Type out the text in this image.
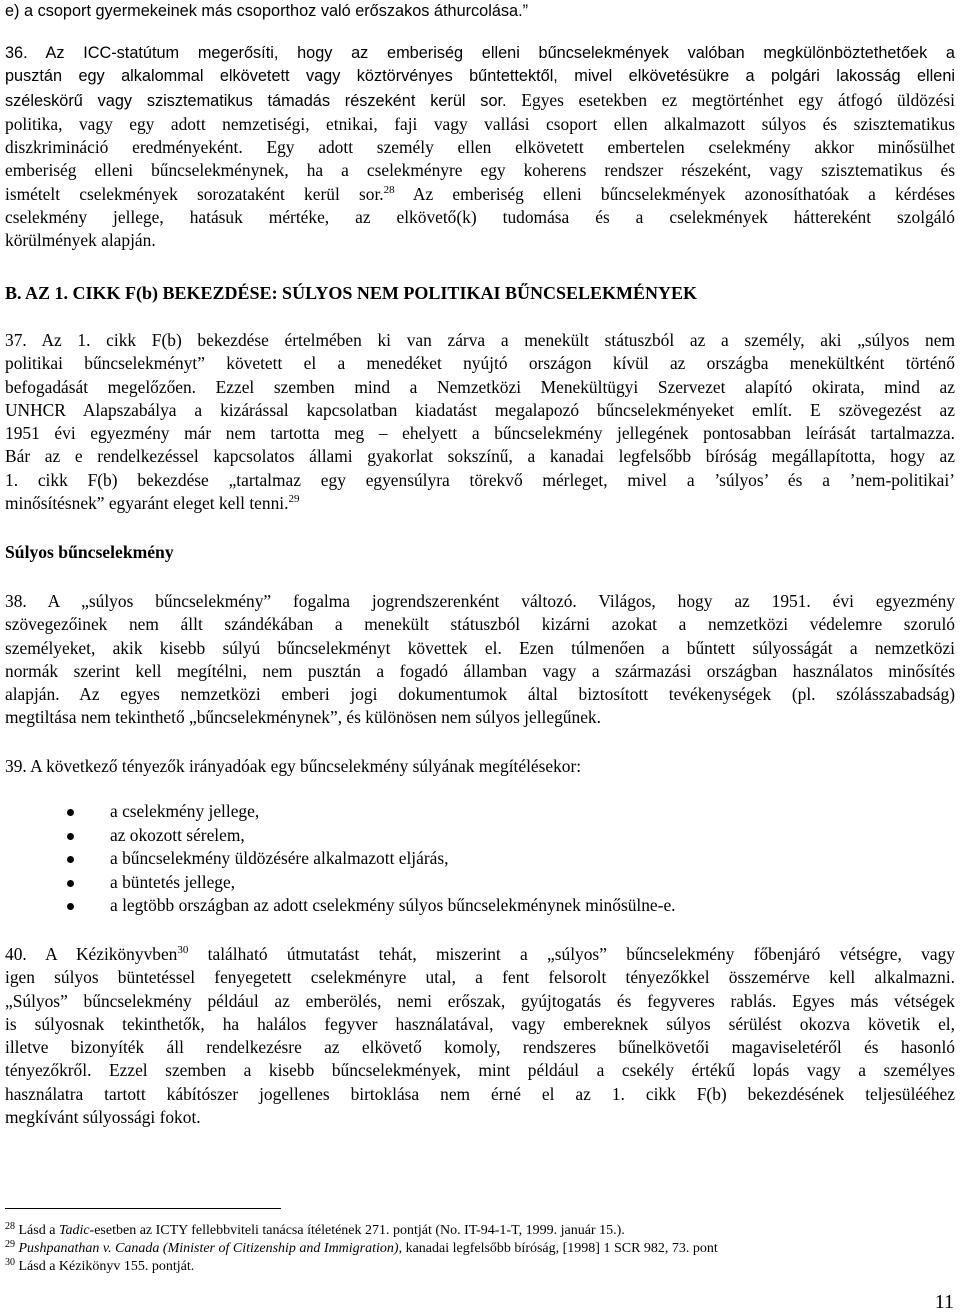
e) a csoport gyermekeinek más csoporthoz való erőszakos áthurcolása.”

36. Az ICC-statútum megerősíti, hogy az emberiség elleni bűncselekmények valóban megkülönböztethetőek a
pusztán egy alkalommal elkövetett vagy köztörvényes bűntettektől, mivel elkövetésükre a polgári lakosság elleni
széleskörű vagy szisztematikus támadás részeként kerül sor. Egyes esetekben ez megtörténhet egy átfogó üldözési
politika, vagy egy adott nemzetiségi, etnikai, faji vagy vallási csoport ellen alkalmazott súlyos és szisztematikus
diszkrimináció eredményeként. Egy adott személy ellen elkövetett embertelen cselekmény akkor minősülhet
emberiség elleni bűncselekménynek, ha a cselekményre egy koherens rendszer részeként, vagy szisztematikus és
ismételt cselekmények sorozataként kerül sor.$^{28}$ Az emberiség elleni bűncselekmények azonosíthatóak a kérdéses
cselekmény jellege, hatásuk mértéke, az elkövető(k) tudomása és a cselekmények háttereként szolgáló
körülmények alapján.
B. AZ 1. CIKK F(b) BEKEZDÉSE: SÚLYOS NEM POLITIKAI BŰNCSELEKMÉNYEK
37. Az 1. cikk F(b) bekezdése értelmében ki van zárva a menekült státuszból az a személy, aki „súlyos nem
politikai bűncselekményt” követett el a menedéket nyújtó országon kívül az országba menekültként történő
befogadását megelőzően. Ezzel szemben mind a Nemzetközi Menekültügyi Szervezet alapító okirata, mind az
UNHCR Alapszabálya a kizárással kapcsolatban kiadatást megalapozó bűncselekményeket említ. E szövegezést az
1951 évi egyezmény már nem tartotta meg – ehelyett a bűncselekmény jellegének pontosabban leírását tartalmazza.
Bár az e rendelkezéssel kapcsolatos állami gyakorlat sokszínű, a kanadai legfelsőbb bíróság megállapította, hogy az
1. cikk F(b) bekezdése „tartalmaz egy egyensúlyra törekvő mérleget, mivel a ’súlyos’ és a ’nem-politikai’
minősítésnek” egyaránt eleget kell tenni.$^{29}$
Súlyos bűncselekmény
38. A „súlyos bűncselekmény” fogalma jogrendszerenként változó. Világos, hogy az 1951. évi egyezmény
szövegezőinek nem állt szándékában a menekült státuszból kizárni azokat a nemzetközi védelemre szoruló
személyeket, akik kisebb súlyú bűncselekményt követtek el. Ezen túlmenően a bűntett súlyosságát a nemzetközi
normák szerint kell megítélni, nem pusztán a fogadó államban vagy a származási országban használatos minősítés
alapján. Az egyes nemzetközi emberi jogi dokumentumok által biztosított tevékenységek (pl. szólásszabadság)
megtiltása nem tekinthető „bűncselekménynek”, és különösen nem súlyos jellegűnek.

39. A következő tényezők irányadóak egy bűncselekmény súlyának megítélésekor:

a cselekmény jellege,
az okozott sérelem,
a bűncselekmény üldözésére alkalmazott eljárás,
a büntetés jellege,
a legtöbb országban az adott cselekmény súlyos bűncselekménynek minősülne-e.
40. A Kézikönyvben$^{30}$ található útmutatást tehát, miszerint a „súlyos” bűncselekmény főbenjáró vétségre, vagy
igen súlyos büntetéssel fenyegetett cselekményre utal, a fent felsorolt tényezőkkel összemérve kell alkalmazni.
„Súlyos” bűncselekmény például az emberölés, nemi erőszak, gyújtogatás és fegyveres rablás. Egyes más vétségek
is súlyosnak tekinthetők, ha halálos fegyver használatával, vagy embereknek súlyos sérülést okozva követik el,
illetve bizonyíték áll rendelkezésre az elkövető komoly, rendszeres bűnelkövetői magaviseletéről és hasonló
tényezőkről. Ezzel szemben a kisebb bűncselekmények, mint például a csekély értékű lopás vagy a személyes
használatra tartott kábítószer jogellenes birtoklása nem érné el az 1. cikk F(b) bekezdésének teljesülééhez
megkívánt súlyossági fokot.

$^{28}$ Lásd a Tadic-esetben az ICTY fellebbviteli tanácsa ítéletének 271. pontját (No. IT-94-1-T, 1999. január 15.).

$^{29}$ Pushpanathan v. Canada (Minister of Citizenship and Immigration), kanadai legfelsőbb bíróság, [1998] 1 SCR 982, 73. pont

$^{30}$ Lásd a Kézikönyv 155. pontját.

11
